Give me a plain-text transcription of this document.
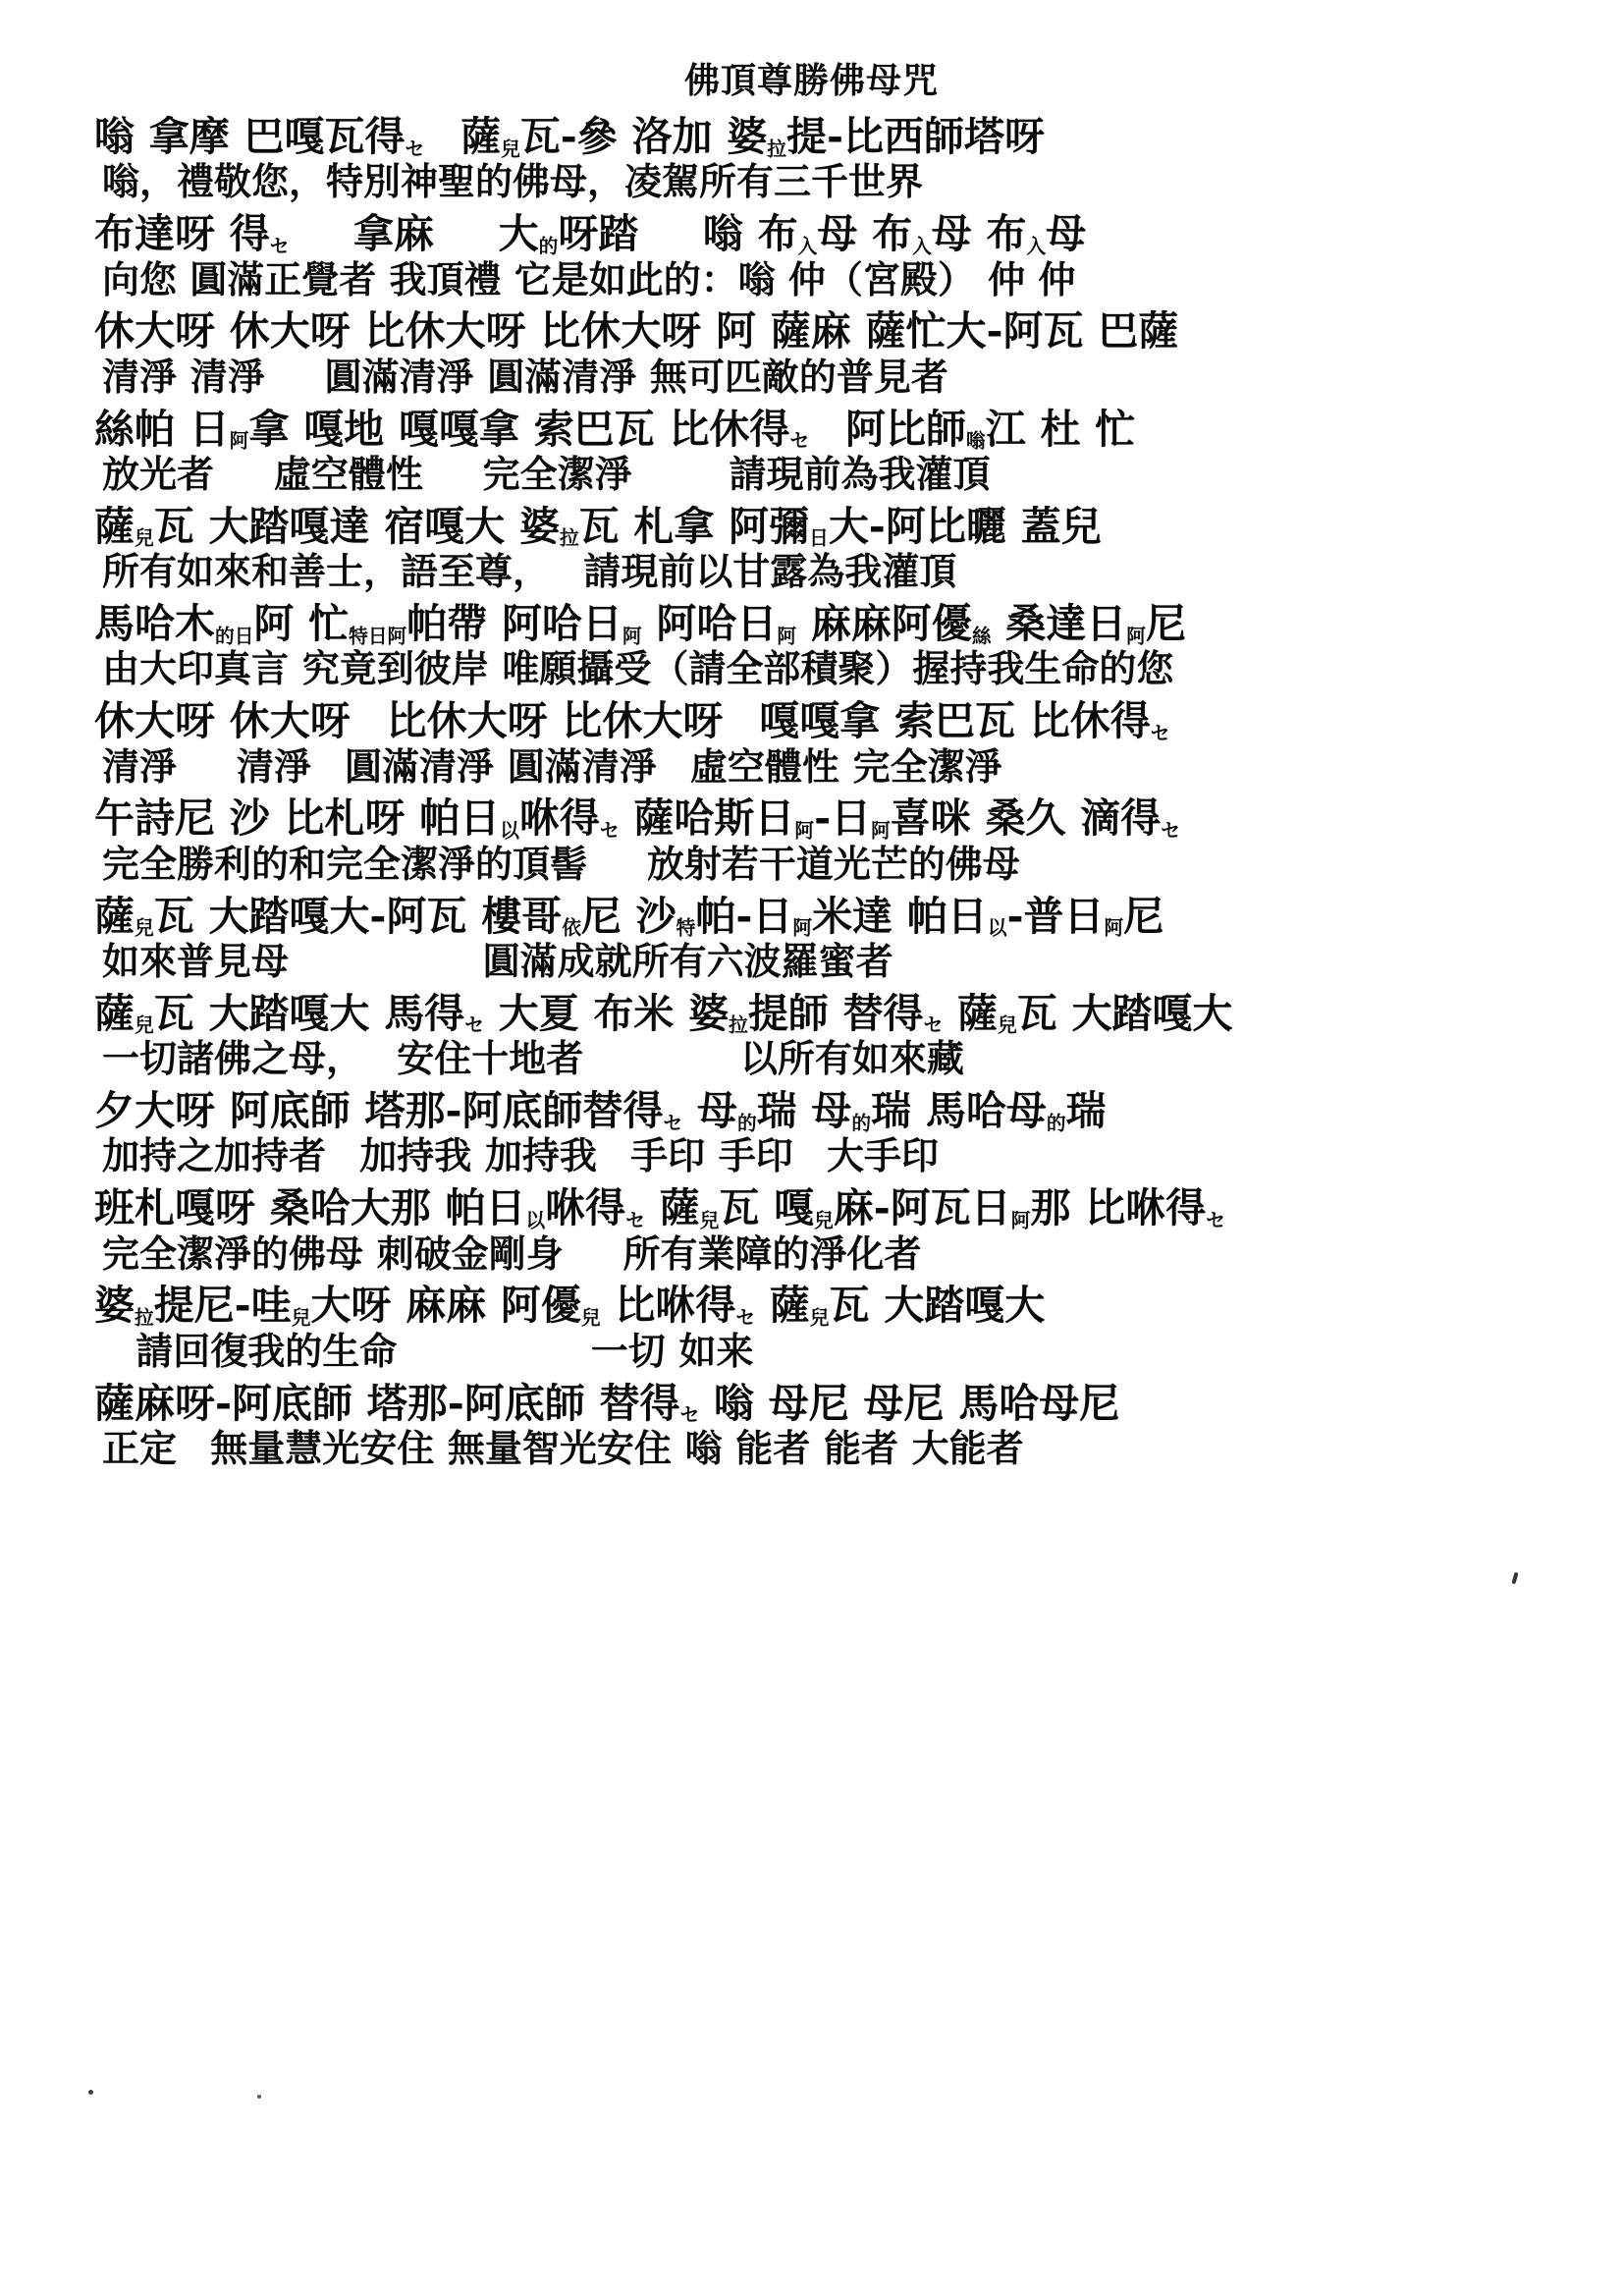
佛頂尊勝佛母咒
嗡 拿摩 巴嘎瓦得セ 薩兒瓦-參 洛加 婆拉提-比西師塔呀
嗡，禮敬您，特別神聖的佛母，凌駕所有三千世界
布達呀 得セ 拿麻 大的呀踏 嗡 布入母 布入母 布入母
向您 圓滿正覺者 我頂禮 它是如此的：嗡 仲（宮殿） 仲 仲
休大呀 休大呀 比休大呀 比休大呀 阿 薩麻 薩忙大-阿瓦 巴薩
清淨 清淨 圓滿清淨 圓滿清淨 無可匹敵的普見者
絲帕 日阿拿 嘎地 嘎嘎拿 索巴瓦 比休得セ 阿比師嗡江 杜 忙
放光者 虛空體性 完全潔淨	請現前為我灌頂
薩兒瓦 大踏嘎達 宿嘎大 婆拉瓦 札拿 阿彌日大-阿比曬 蓋兒
所有如來和善士，語至尊， 請現前以甘露為我灌頂
馬哈木的日阿 忙特日阿帕帶 阿哈日阿 阿哈日阿 麻麻阿優絲 桑達日阿尼
由大印真言 究竟到彼岸 唯願攝受（請全部積聚）握持我生命的您
休大呀 休大呀 比休大呀 比休大呀 嘎嘎拿 索巴瓦 比休得セ
清淨 清淨 圓滿清淨 圓滿清淨 虛空體性 完全潔淨
午詩尼 沙 比札呀 帕日以咻得セ 薩哈斯日阿-日阿喜咪 桑久 滴得セ
完全勝利的和完全潔淨的頂髻 放射若干道光芒的佛母
薩兒瓦 大踏嘎大-阿瓦 樓哥依尼 沙特帕-日阿米達 帕日以-普日阿尼
如來普見母	圓滿成就所有六波羅蜜者
薩兒瓦 大踏嘎大 馬得セ 大夏 布米 婆拉提師 替得セ 薩兒瓦 大踏嘎大
一切諸佛之母， 安住十地者	以所有如來藏
夕大呀 阿底師 塔那-阿底師替得セ 母的瑞 母的瑞 馬哈母的瑞
加持之加持者 加持我 加持我 手印 手印 大手印
班札嘎呀 桑哈大那 帕日以咻得セ 薩兒瓦 嘎兒麻-阿瓦日阿那 比咻得セ
完全潔淨的佛母 刺破金剛身 所有業障的淨化者
婆拉提尼-哇兒大呀 麻麻 阿優兒 比咻得セ 薩兒瓦 大踏嘎大
請回復我的生命	一切 如来
薩麻呀-阿底師 塔那-阿底師 替得セ 嗡 母尼 母尼 馬哈母尼
正定 無量慧光安住 無量智光安住 嗡 能者 能者 大能者
